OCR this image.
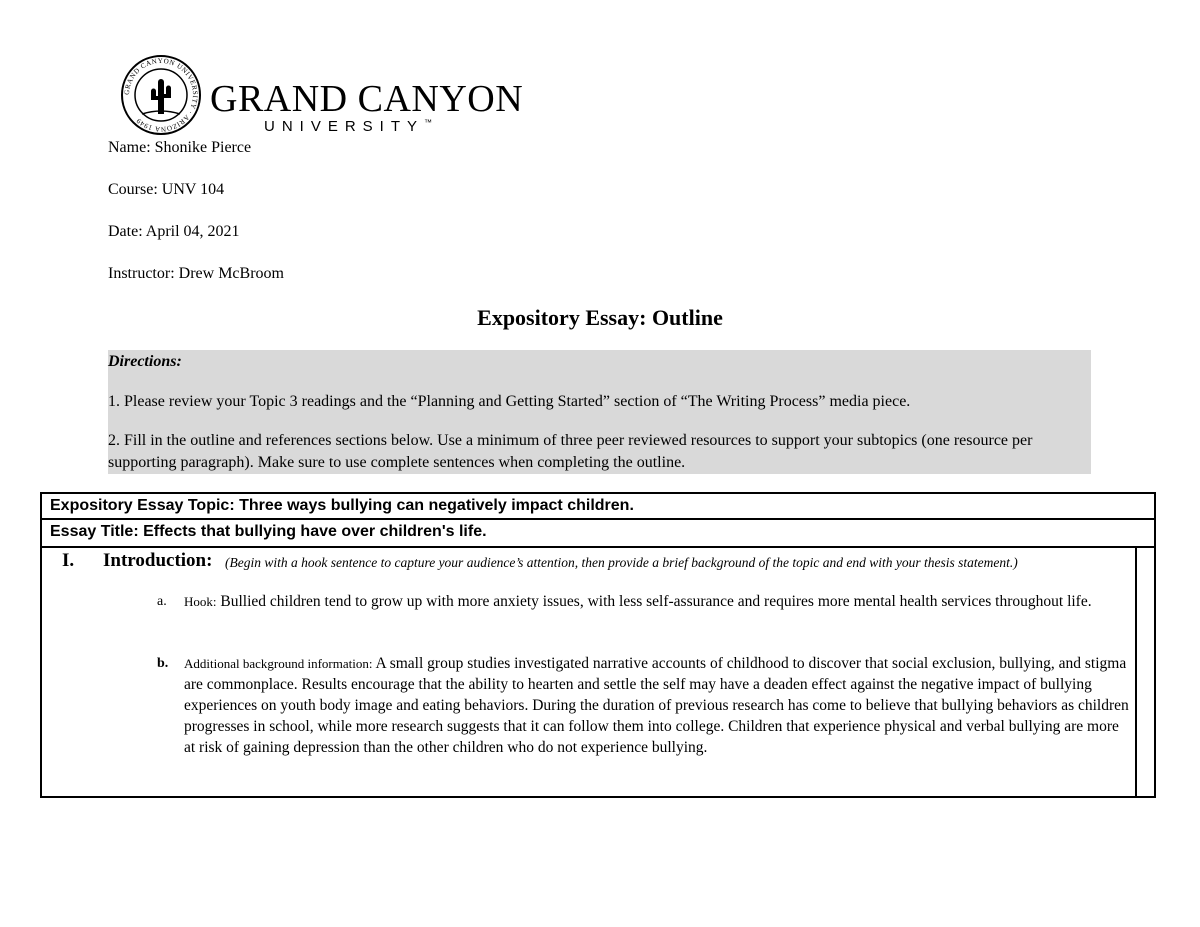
GRAND CANYON UNIVERSITY · ARIZONA 1949
GRAND CANYON
UNIVERSITY™
Name: Shonike Pierce
Course: UNV 104
Date: April 04, 2021
Instructor: Drew McBroom
Expository Essay: Outline
Directions:
1. Please review your Topic 3 readings and the “Planning and Getting Started” section of “The Writing Process” media piece.
2. Fill in the outline and references sections below. Use a minimum of three peer reviewed resources to support your subtopics (one resource per supporting paragraph). Make sure to use complete sentences when completing the outline.
Expository Essay Topic: Three ways bullying can negatively impact children.
Essay Title: Effects that bullying have over children's life.
I. Introduction: (Begin with a hook sentence to capture your audience’s attention, then provide a brief background of the topic and end with your thesis statement.)
a. Hook: Bullied children tend to grow up with more anxiety issues, with less self-assurance and requires more mental health services throughout life.
b. Additional background information: A small group studies investigated narrative accounts of childhood to discover that social exclusion, bullying, and stigma are commonplace. Results encourage that the ability to hearten and settle the self may have a deaden effect against the negative impact of bullying experiences on youth body image and eating behaviors. During the duration of previous research has come to believe that bullying behaviors as children progresses in school, while more research suggests that it can follow them into college. Children that experience physical and verbal bullying are more at risk of gaining depression than the other children who do not experience bullying.
